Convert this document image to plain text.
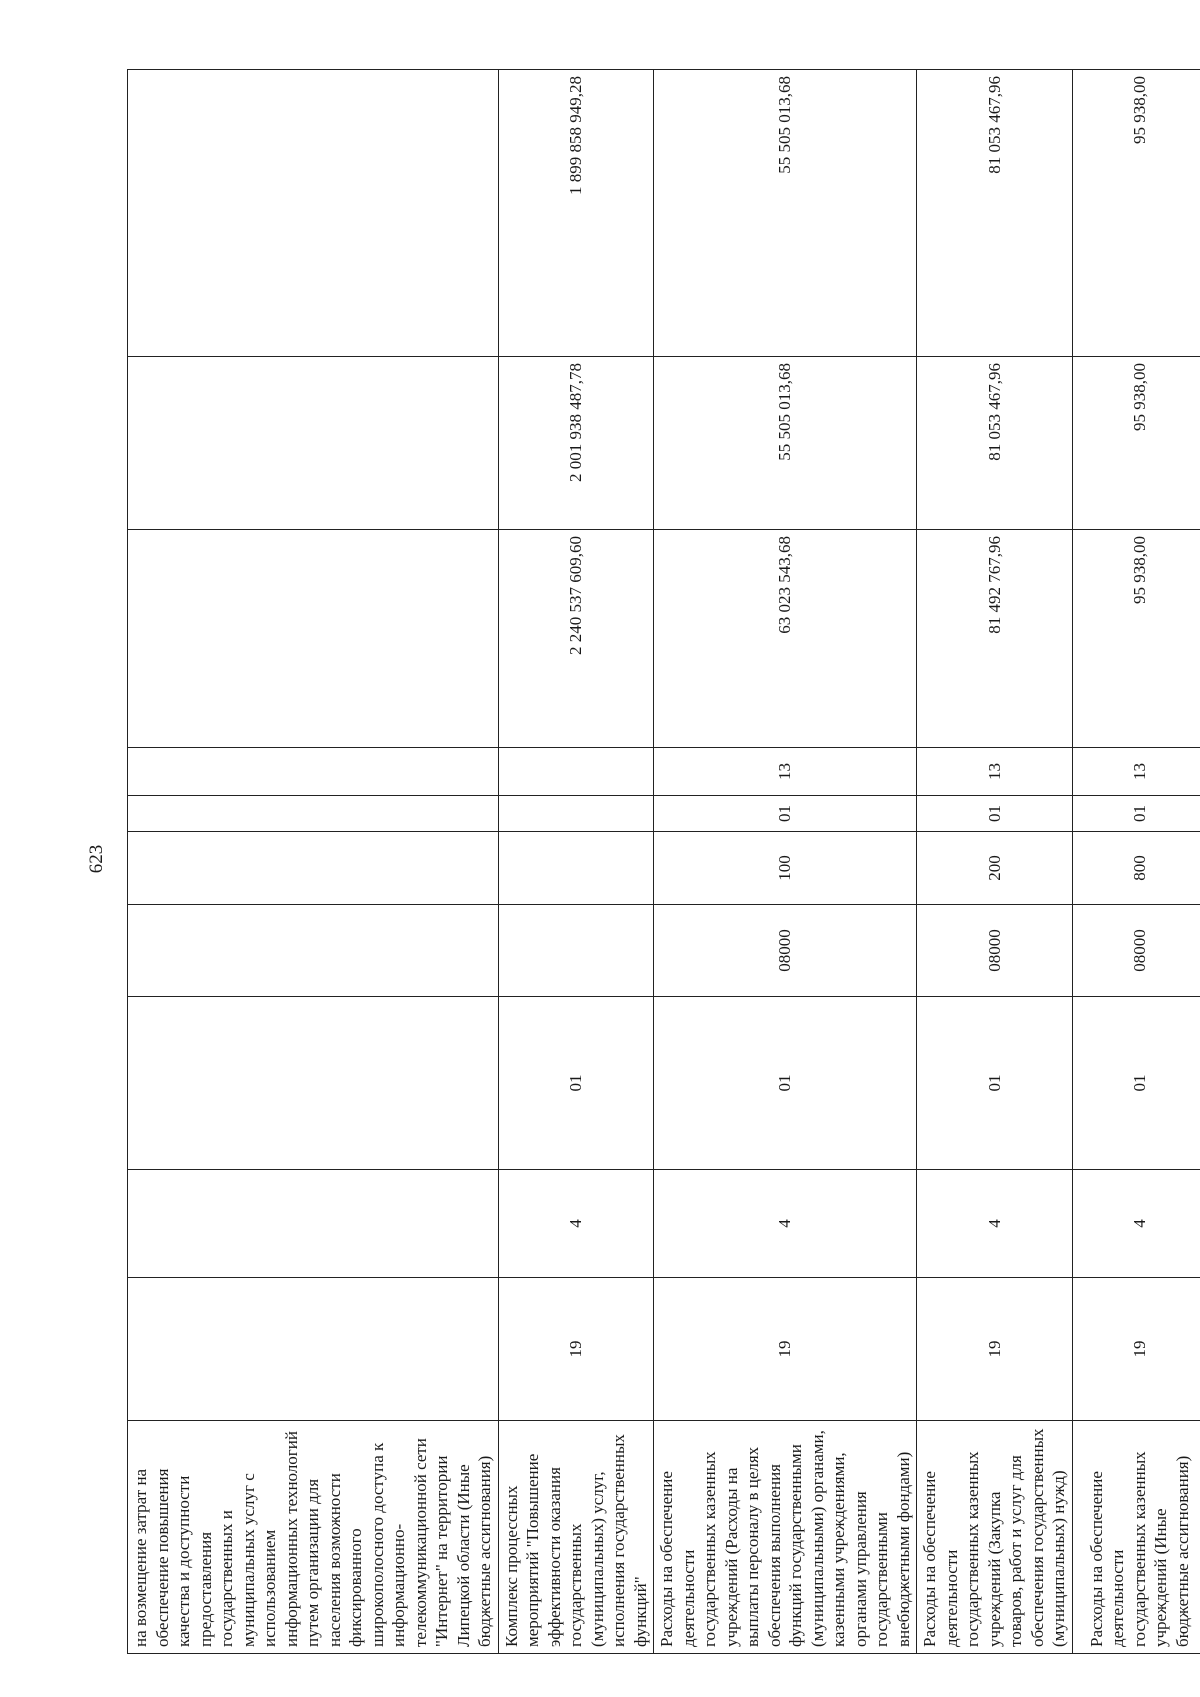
623
на возмещение затрат на обеспечение повышения качества и доступности предоставления государственных и муниципальных услуг с использованием информационных технологий путем организации для населения возможности фиксированного широкополосного доступа к информационно-телекоммуникационной сети "Интернет" на территории Липецкой области (Иные бюджетные ассигнования)										
Комплекс процессных мероприятий "Повышение эффективности оказания государственных (муниципальных) услуг, исполнения государственных функций"	19	4	01					2 240 537 609,60	2 001 938 487,78	1 899 858 949,28
Расходы на обеспечение деятельности государственных казенных учреждений (Расходы на выплаты персоналу в целях обеспечения выполнения функций государственными (муниципальными) органами, казенными учреждениями, органами управления государственными внебюджетными фондами)	19	4	01	08000	100	01	13	63 023 543,68	55 505 013,68	55 505 013,68
Расходы на обеспечение деятельности государственных казенных учреждений (Закупка товаров, работ и услуг для обеспечения государственных (муниципальных) нужд)	19	4	01	08000	200	01	13	81 492 767,96	81 053 467,96	81 053 467,96
Расходы на обеспечение деятельности государственных казенных учреждений (Иные бюджетные ассигнования)	19	4	01	08000	800	01	13	95 938,00	95 938,00	95 938,00
